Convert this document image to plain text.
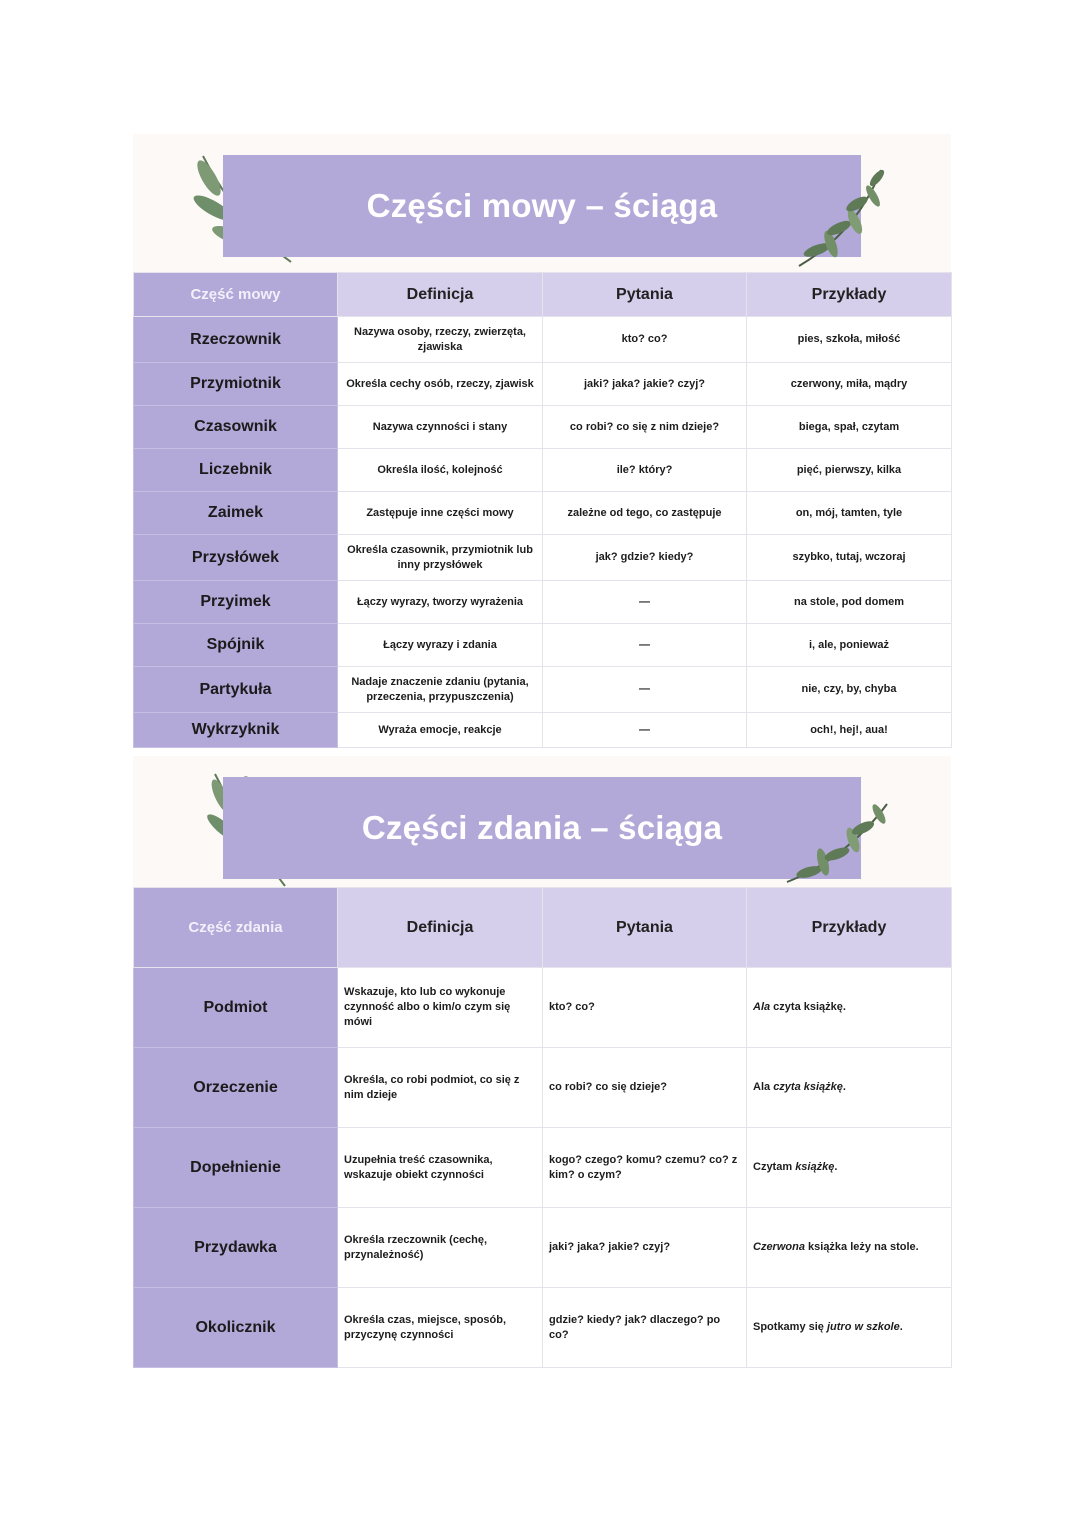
Części mowy – ściąga
Część mowy	Definicja	Pytania	Przykłady
Rzeczownik	Nazywa osoby, rzeczy, zwierzęta, zjawiska	kto? co?	pies, szkoła, miłość
Przymiotnik	Określa cechy osób, rzeczy, zjawisk	jaki? jaka? jakie? czyj?	czerwony, miła, mądry
Czasownik	Nazywa czynności i stany	co robi? co się z nim dzieje?	biega, spał, czytam
Liczebnik	Określa ilość, kolejność	ile? który?	pięć, pierwszy, kilka
Zaimek	Zastępuje inne części mowy	zależne od tego, co zastępuje	on, mój, tamten, tyle
Przysłówek	Określa czasownik, przymiotnik lub inny przysłówek	jak? gdzie? kiedy?	szybko, tutaj, wczoraj
Przyimek	Łączy wyrazy, tworzy wyrażenia	—	na stole, pod domem
Spójnik	Łączy wyrazy i zdania	—	i, ale, ponieważ
Partykuła	Nadaje znaczenie zdaniu (pytania, przeczenia, przypuszczenia)	—	nie, czy, by, chyba
Wykrzyknik	Wyraża emocje, reakcje	—	och!, hej!, aua!
Części zdania – ściąga
Część zdania	Definicja	Pytania	Przykłady
Podmiot	Wskazuje, kto lub co wykonuje czynność albo o kim/o czym się mówi	kto? co?	Ala czyta książkę.
Orzeczenie	Określa, co robi podmiot, co się z nim dzieje	co robi? co się dzieje?	Ala czyta książkę.
Dopełnienie	Uzupełnia treść czasownika, wskazuje obiekt czynności	kogo? czego? komu? czemu? co? z kim? o czym?	Czytam książkę.
Przydawka	Określa rzeczownik (cechę, przynależność)	jaki? jaka? jakie? czyj?	Czerwona książka leży na stole.
Okolicznik	Określa czas, miejsce, sposób, przyczynę czynności	gdzie? kiedy? jak? dlaczego? po co?	Spotkamy się jutro w szkole.
